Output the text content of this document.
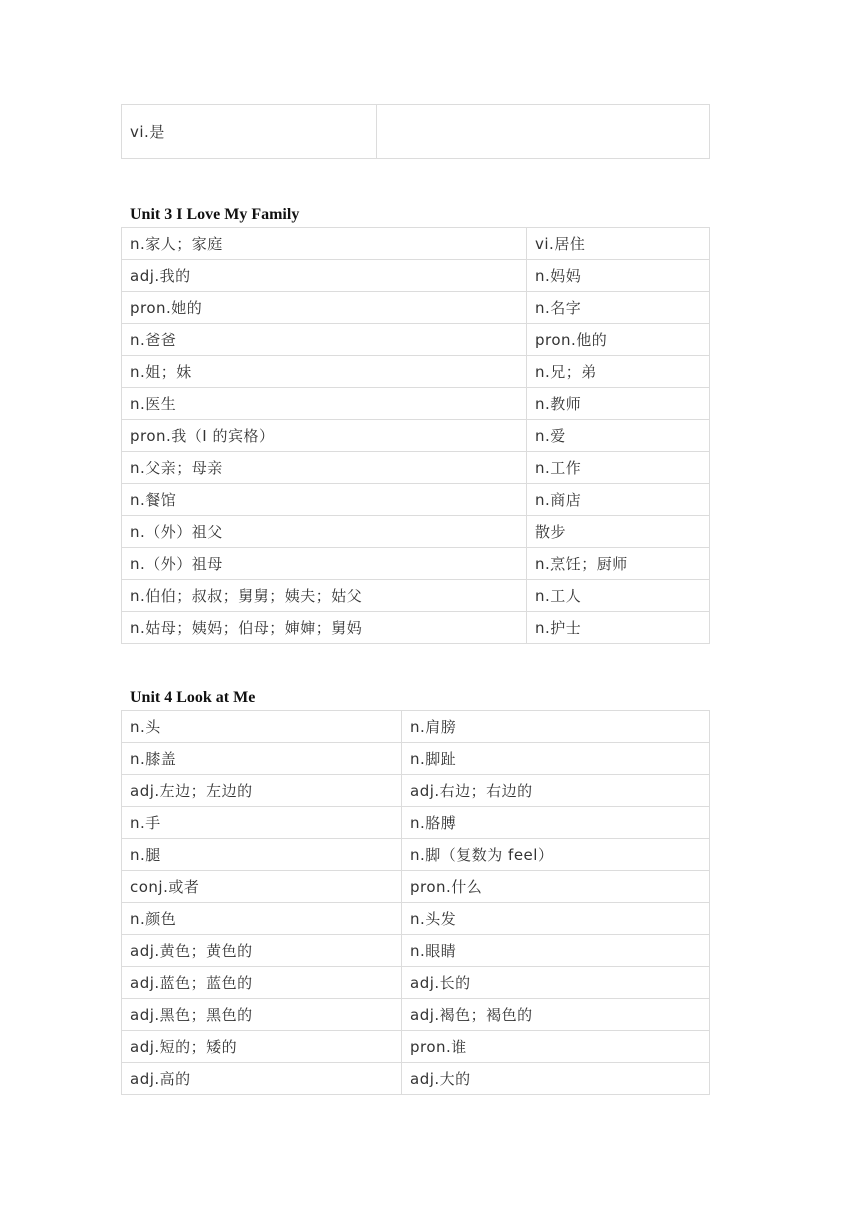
vi.是	
Unit 3 I Love My Family
n.家人；家庭	vi.居住
adj.我的	n.妈妈
pron.她的	n.名字
n.爸爸	pron.他的
n.姐；妹	n.兄；弟
n.医生	n.教师
pron.我（I 的宾格）	n.爱
n.父亲；母亲	n.工作
n.餐馆	n.商店
n.（外）祖父	散步
n.（外）祖母	n.烹饪；厨师
n.伯伯；叔叔；舅舅；姨夫；姑父	n.工人
n.姑母；姨妈；伯母；婶婶；舅妈	n.护士
Unit 4 Look at Me
n.头	n.肩膀
n.膝盖	n.脚趾
adj.左边；左边的	adj.右边；右边的
n.手	n.胳膊
n.腿	n.脚（复数为 feel）
conj.或者	pron.什么
n.颜色	n.头发
adj.黄色；黄色的	n.眼睛
adj.蓝色；蓝色的	adj.长的
adj.黑色；黑色的	adj.褐色；褐色的
adj.短的；矮的	pron.谁
adj.高的	adj.大的
